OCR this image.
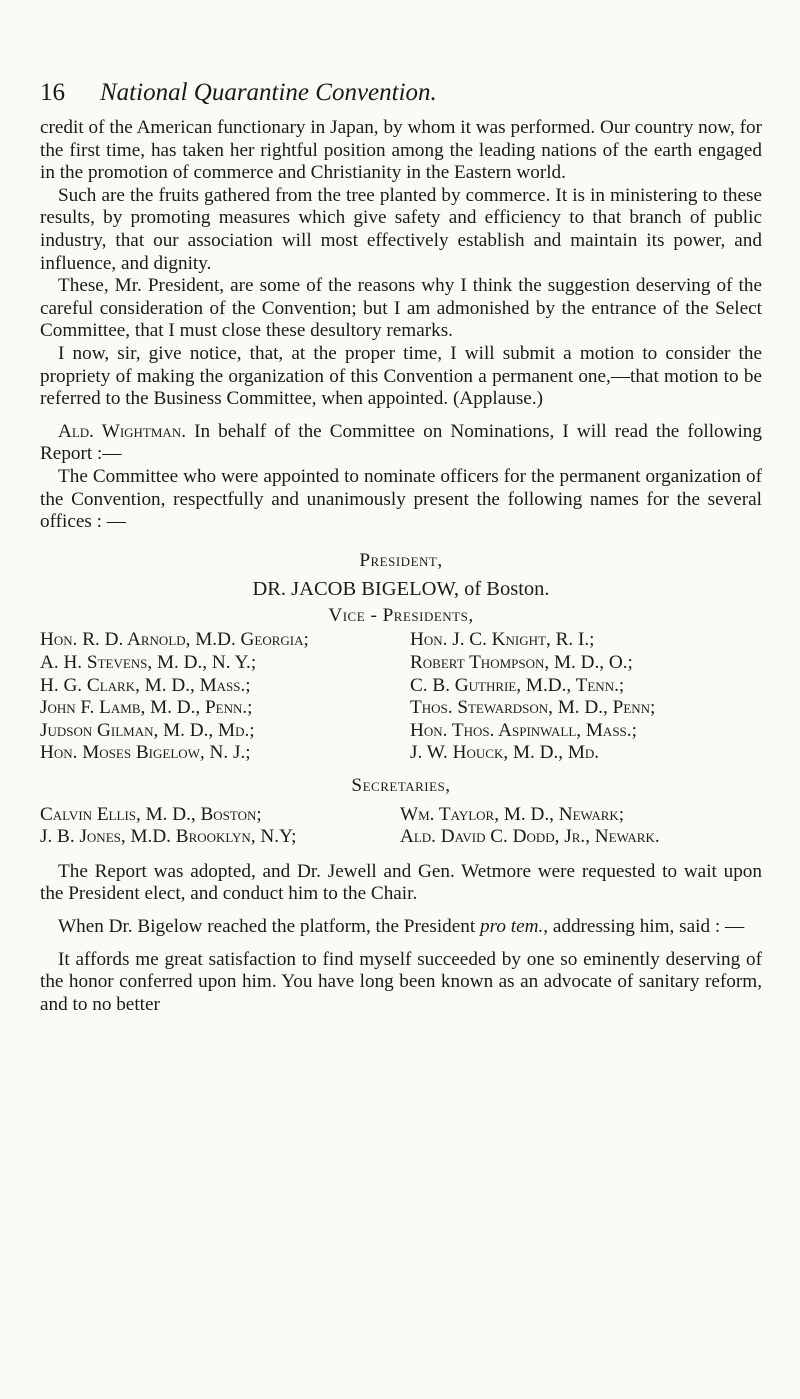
16 National Quarantine Convention.

credit of the American functionary in Japan, by whom it was performed. Our country now, for the first time, has taken her rightful position among the leading nations of the earth engaged in the promotion of commerce and Christianity in the Eastern world.

Such are the fruits gathered from the tree planted by commerce. It is in ministering to these results, by promoting measures which give safety and efficiency to that branch of public industry, that our association will most effectively establish and maintain its power, and influence, and dignity.

These, Mr. President, are some of the reasons why I think the suggestion deserving of the careful consideration of the Convention; but I am admonished by the entrance of the Select Committee, that I must close these desultory remarks.

I now, sir, give notice, that, at the proper time, I will submit a motion to consider the propriety of making the organization of this Convention a permanent one,—that motion to be referred to the Business Committee, when appointed. (Applause.)

Ald. Wightman. In behalf of the Committee on Nominations, I will read the following Report :—

The Committee who were appointed to nominate officers for the permanent organization of the Convention, respectfully and unanimously present the following names for the several offices : —

President,

DR. JACOB BIGELOW, of Boston.

Vice - Presidents,

Hon. R. D. Arnold, M.D. Georgia;

A. H. Stevens, M. D., N. Y.;

H. G. Clark, M. D., Mass.;

John F. Lamb, M. D., Penn.;

Judson Gilman, M. D., Md.;

Hon. Moses Bigelow, N. J.;

Hon. J. C. Knight, R. I.;

Robert Thompson, M. D., O.;

C. B. Guthrie, M.D., Tenn.;

Thos. Stewardson, M. D., Penn;

Hon. Thos. Aspinwall, Mass.;

J. W. Houck, M. D., Md.

Secretaries,

Calvin Ellis, M. D., Boston;

J. B. Jones, M.D. Brooklyn, N.Y;

Wm. Taylor, M. D., Newark;

Ald. David C. Dodd, Jr., Newark.

The Report was adopted, and Dr. Jewell and Gen. Wetmore were requested to wait upon the President elect, and conduct him to the Chair.

When Dr. Bigelow reached the platform, the President pro tem., addressing him, said : —

It affords me great satisfaction to find myself succeeded by one so eminently deserving of the honor conferred upon him. You have long been known as an advocate of sanitary reform, and to no better
